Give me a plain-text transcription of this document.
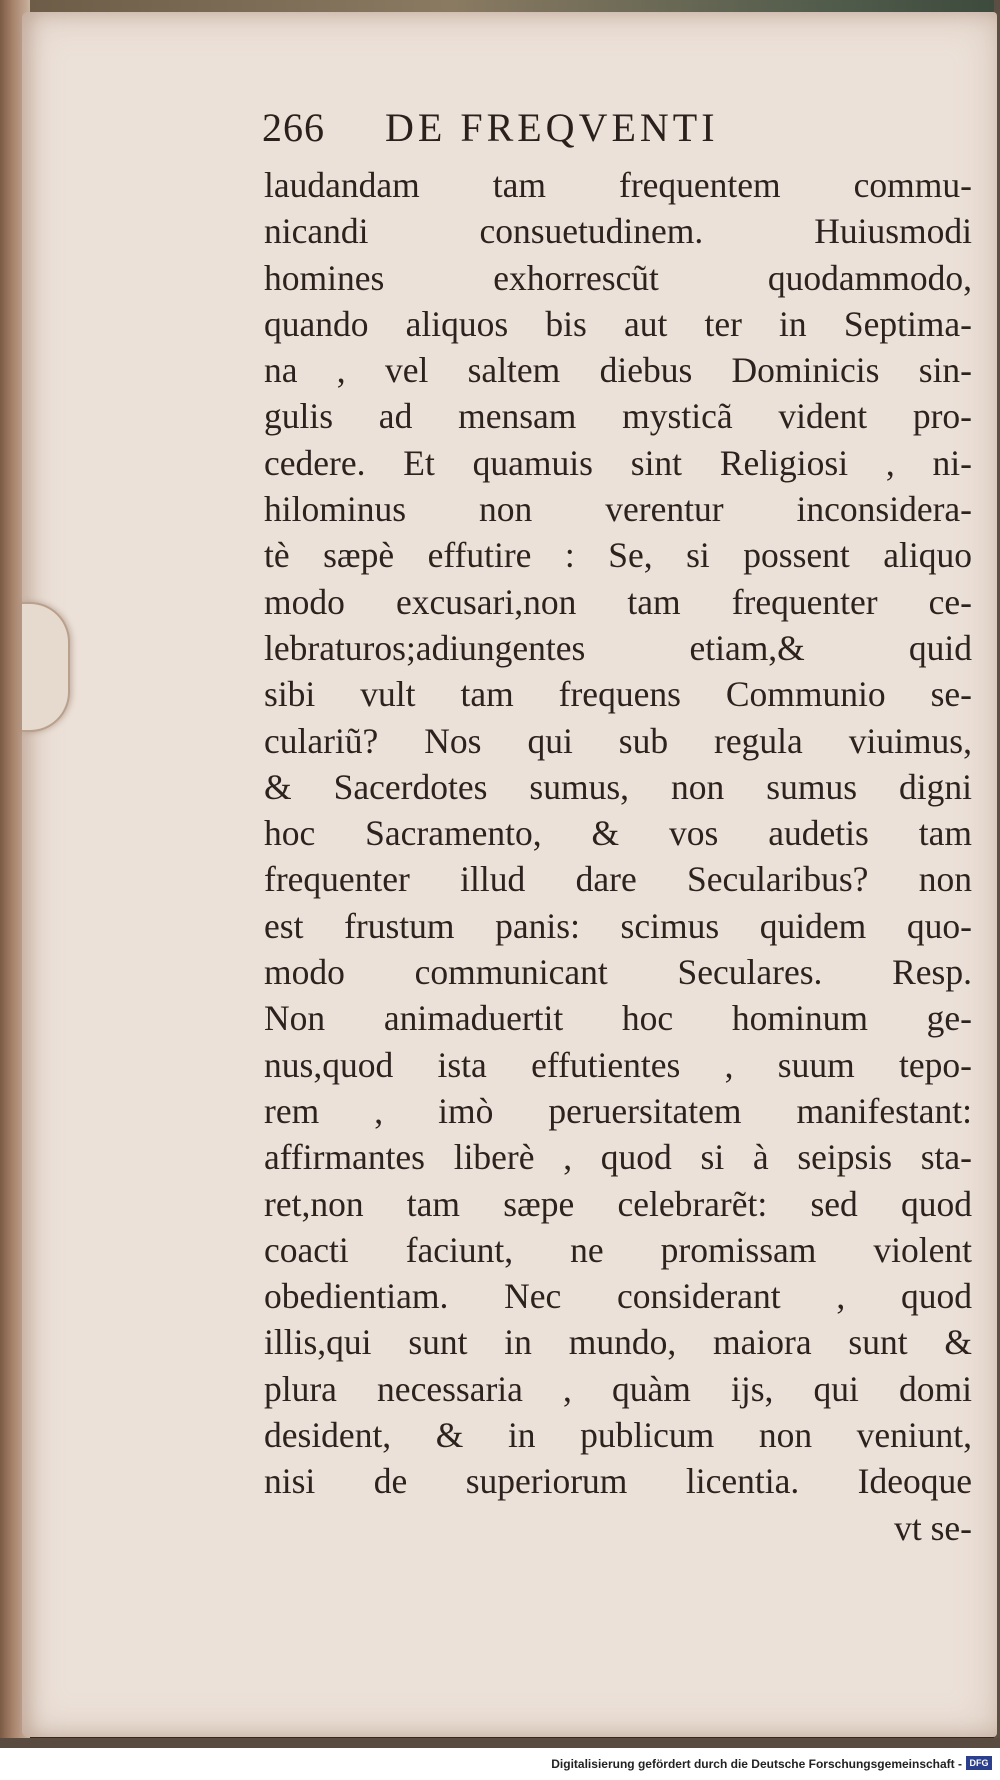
266 DE FREQVENTI
laudandam tam frequentem commu-
nicandi consuetudinem. Huiusmodi
homines exhorrescũt quodammodo,
quando aliquos bis aut ter in Septima-
na , vel saltem diebus Dominicis sin-
gulis ad mensam mysticã vident pro-
cedere. Et quamuis sint Religiosi , ni-
hilominus non verentur inconsidera-
tè sæpè effutire : Se, si possent aliquo
modo excusari,non tam frequenter ce-
lebraturos;adiungentes etiam,& quid
sibi vult tam frequens Communio se-
culariũ? Nos qui sub regula viuimus,
& Sacerdotes sumus, non sumus digni
hoc Sacramento, & vos audetis tam
frequenter illud dare Secularibus? non
est frustum panis: scimus quidem quo-
modo communicant Seculares. Resp.
Non animaduertit hoc hominum ge-
nus,quod ista effutientes , suum tepo-
rem , imò peruersitatem manifestant:
affirmantes liberè , quod si à seipsis sta-
ret,non tam sæpe celebrarẽt: sed quod
coacti faciunt, ne promissam violent
obedientiam. Nec considerant , quod
illis,qui sunt in mundo, maiora sunt &
plura necessaria , quàm ijs, qui domi
desident, & in publicum non veniunt,
nisi de superiorum licentia. Ideoque
vt se-
Digitalisierung gefördert durch die Deutsche Forschungsgemeinschaft - DFG
